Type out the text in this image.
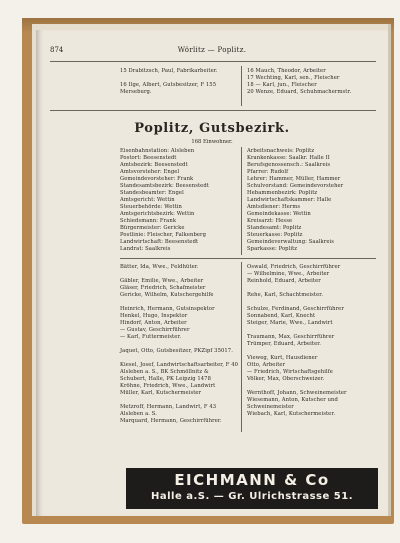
874	Wörlitz — Poplitz.
15 Drabitzsch, Paul, Fabrikarbeiter.
16 Ilge, Albert, Gutsbesitzer, F 155
Merseburg.
16 Mauch, Theodor, Arbeiter
17 Wechting, Karl, sen., Fleischer
18 — Karl, jun., Fleischer
20 Wenze, Eduard, Schuhmachermstr.
Poplitz, Gutsbezirk.
168 Einwohner.
Eisenbahnstation: Alsleben
Postort: Beesenstedt
Amtsbezirk: Beesenstedt
Amtsvorsteher: Engel
Gemeindevorsteher: Frank
Standesamtsbezirk: Beesenstedt
Standesbeamter: Engel
Amtsgericht: Wettin
Steuerbehörde: Wettin
Amtsgerichtsbezirk: Wettin
Schiedsmann: Frank
Bürgermeister: Gericke
Postlinie: Fleischer, Falkenberg
Landwirtschaft: Beesenstedt
Landrat: Saalkreis
Arbeitsnachweis: Poplitz
Krankenkasse: Saalkr. Halle II
Berufsgenossensch.: Saalkreis
Pfarrer: Rudolf
Lehrer: Hammer, Müller, Hammer
Schulvorstand: Gemeindevorsteher
Hebammenbezirk: Poplitz
Landwirtschaftskammer: Halle
Amtsdiener: Herms
Gemeindekasse: Wettin
Kreisarzt: Hesse
Standesamt: Poplitz
Steuerkasse: Poplitz
Gemeindeverwaltung: Saalkreis
Sparkasse: Poplitz
Bätter, Ida, Wwe., Feldhüter.
Gäbler, Emilie, Wwe., Arbeiter
Gläser, Friedrich, Schafmeister
Gericke, Wilhelm, Kutschergehilfe
Heinrich, Hermann, Gutsinspektor
Henkel, Hugo, Inspektor
Hindorf, Anton, Arbeiter
— Gustav, Geschirrführer
— Karl, Futtermeister.
Jaquet, Otto, Gutsbesitzer, PKZipf 35017.
Kiesel, Josef, Landwirtschaftsarbeiter, F 40
Alsleben a. S., BK Schmöllnitz &
Schubert, Halle, PK Leipzig 1478
Kröhne, Friedrich, Wwe., Landwirt
Müller, Karl, Kutschermeister
Metzroff, Hermann, Landwirt, F 43
Alsleben a. S.
Marquard, Hermann, Geschirrführer.
Oswald, Friedrich, Geschirrführer
— Wilhelmine, Wwe., Arbeiter
Reinhold, Eduard, Arbeiter
Rehe, Karl, Schachtmeister.
Schulze, Ferdinand, Geschirrführer
Sonnabend, Karl, Knecht
Steiger, Marie, Wwe., Landwirt
Traumann, Max, Geschirrführer
Trümper, Eduard, Arbeiter.
Vieweg, Kurt, Hausdiener
Otto, Arbeiter
— Friedrich, Wirtschaftsgehilfe
Völker, Max, Oberschweizer.
Wernthoff, Johann, Schweinemeister
Wiesemann, Anton, Kutscher und
Schweinemeister
Wiebach, Karl, Kutschermeister.
EICHMANN & Co
Halle a.S. — Gr. Ulrichstrasse 51.
